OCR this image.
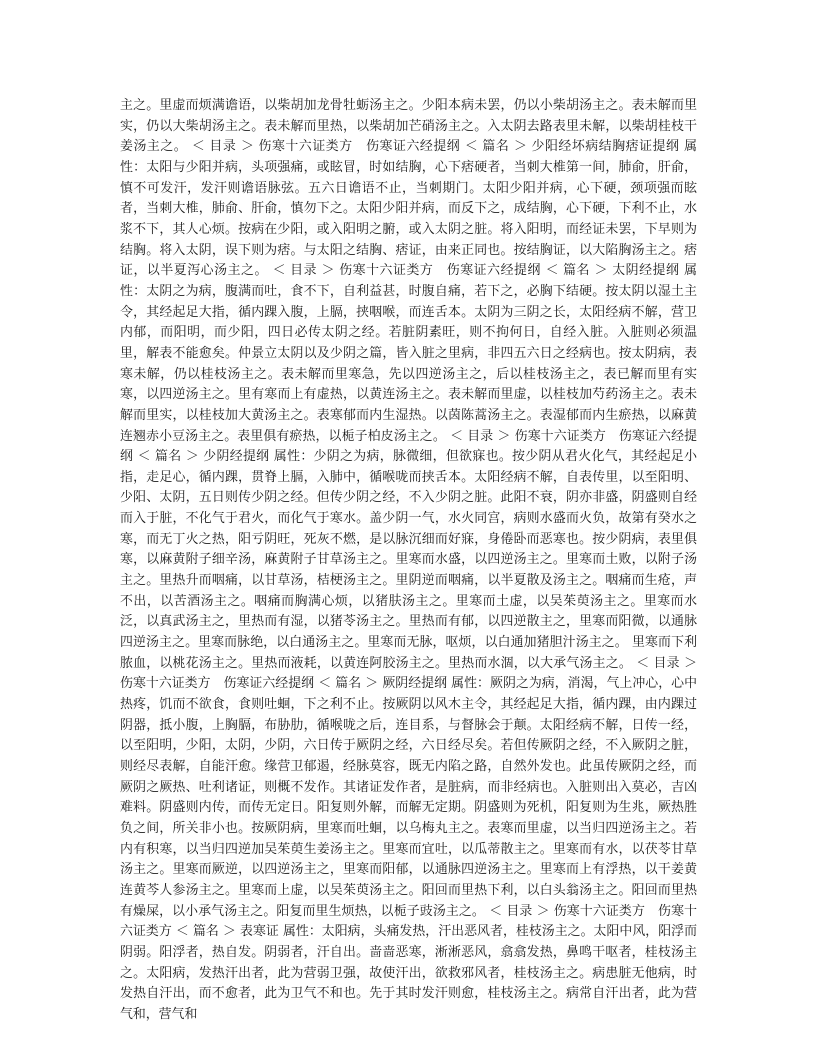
主之。里虚而烦满谵语，以柴胡加龙骨牡蛎汤主之。少阳本病未罢，仍以小柴胡汤主之。表未解而里实，仍以大柴胡汤主之。表未解而里热，以柴胡加芒硝汤主之。入太阴去路表里未解，以柴胡桂枝干姜汤主之。 ＜ 目录 ＞ 伤寒十六证类方　伤寒证六经提纲 ＜ 篇名 ＞ 少阳经坏病结胸痞证提纲 属性：太阳与少阳并病，头项强痛，或眩冒，时如结胸，心下痞硬者，当刺大椎第一间，肺俞，肝俞，慎不可发汗，发汗则谵语脉弦。五六日谵语不止，当刺期门。太阳少阳并病，心下硬，颈项强而眩者，当刺大椎，肺俞、肝俞，慎勿下之。太阳少阳并病，而反下之，成结胸，心下硬，下利不止，水浆不下，其人心烦。按病在少阳，或入阳明之腑，或入太阴之脏。将入阳明，而经证未罢，下早则为结胸。将入太阴，误下则为痞。与太阳之结胸、痞证，由来正同也。按结胸证，以大陷胸汤主之。痞证，以半夏泻心汤主之。 ＜ 目录 ＞ 伤寒十六证类方　伤寒证六经提纲 ＜ 篇名 ＞ 太阴经提纲 属性：太阴之为病，腹满而吐，食不下，自利益甚，时腹自痛，若下之，必胸下结硬。按太阴以湿土主令，其经起足大指，循内踝入腹，上膈，挟咽喉，而连舌本。太阴为三阴之长，太阳经病不解，营卫内郁，而阳明，而少阳，四日必传太阴之经。若脏阴素旺，则不拘何日，自经入脏。入脏则必须温里，解表不能愈矣。仲景立太阴以及少阴之篇，皆入脏之里病，非四五六日之经病也。按太阴病，表寒未解，仍以桂枝汤主之。表未解而里寒急，先以四逆汤主之，后以桂枝汤主之，表已解而里有实寒，以四逆汤主之。里有寒而上有虚热，以黄连汤主之。表未解而里虚，以桂枝加芍药汤主之。表未解而里实，以桂枝加大黄汤主之。表寒郁而内生湿热。以茵陈蒿汤主之。表湿郁而内生瘀热，以麻黄连翘赤小豆汤主之。表里俱有瘀热，以栀子柏皮汤主之。 ＜ 目录 ＞ 伤寒十六证类方　伤寒证六经提纲 ＜ 篇名 ＞ 少阴经提纲 属性：少阴之为病，脉微细，但欲寐也。按少阴从君火化气，其经起足小指，走足心，循内踝，贯脊上膈，入肺中，循喉咙而挟舌本。太阳经病不解，自表传里，以至阳明、少阳、太阴，五日则传少阴之经。但传少阴之经，不入少阴之脏。此阳不衰，阴亦非盛，阴盛则自经而入于脏，不化气于君火，而化气于寒水。盖少阴一气，水火同宫，病则水盛而火负，故第有癸水之寒，而无丁火之热，阳亏阴旺，死灰不燃，是以脉沉细而好寐，身倦卧而恶寒也。按少阴病，表里俱寒，以麻黄附子细辛汤，麻黄附子甘草汤主之。里寒而水盛，以四逆汤主之。里寒而土败，以附子汤主之。里热升而咽痛，以甘草汤，桔梗汤主之。里阴逆而咽痛，以半夏散及汤主之。咽痛而生疮，声不出，以苦酒汤主之。咽痛而胸满心烦，以猪肤汤主之。里寒而土虚，以吴茱萸汤主之。里寒而水泛，以真武汤主之，里热而有湿，以猪苓汤主之。里热而有郁，以四逆散主之，里寒而阳微，以通脉四逆汤主之。里寒而脉绝，以白通汤主之。里寒而无脉，呕烦，以白通加猪胆汁汤主之。 里寒而下利脓血，以桃花汤主之。里热而液耗，以黄连阿胶汤主之。里热而水涸，以大承气汤主之。 ＜ 目录 ＞ 伤寒十六证类方　伤寒证六经提纲 ＜ 篇名 ＞ 厥阴经提纲 属性：厥阴之为病，消渴，气上冲心，心中热疼，饥而不欲食，食则吐蛔，下之利不止。按厥阴以风木主令，其经起足大指，循内踝，由内踝过阴器，抵小腹，上胸膈，布胁肋，循喉咙之后，连目系，与督脉会于颠。太阳经病不解，日传一经，以至阳明，少阳，太阴，少阴，六日传于厥阴之经，六日经尽矣。若但传厥阴之经，不入厥阴之脏，则经尽表解，自能汗愈。缘营卫郁遏，经脉莫容，既无内陷之路，自然外发也。此虽传厥阴之经，而厥阴之厥热、吐利诸证，则概不发作。其诸证发作者，是脏病，而非经病也。入脏则出入莫必，吉凶难料。阴盛则内传，而传无定日。阳复则外解，而解无定期。阴盛则为死机，阳复则为生兆，厥热胜负之间，所关非小也。按厥阴病，里寒而吐蛔，以乌梅丸主之。表寒而里虚，以当归四逆汤主之。若内有积寒，以当归四逆加吴茱萸生姜汤主之。里寒而宜吐，以瓜蒂散主之。里寒而有水，以茯苓甘草汤主之。里寒而厥逆，以四逆汤主之，里寒而阳郁，以通脉四逆汤主之。里寒而上有浮热，以干姜黄连黄芩人参汤主之。里寒而上虚，以吴茱萸汤主之。阳回而里热下利，以白头翁汤主之。阳回而里热有燥屎，以小承气汤主之。阳复而里生烦热，以栀子豉汤主之。 ＜ 目录 ＞ 伤寒十六证类方　伤寒十六证类方 ＜ 篇名 ＞ 表寒证 属性：太阳病，头痛发热，汗出恶风者，桂枝汤主之。太阳中风，阳浮而阴弱。阳浮者，热自发。阴弱者，汗自出。啬啬恶寒，淅淅恶风，翕翕发热，鼻鸣干呕者，桂枝汤主之。太阳病，发热汗出者，此为营弱卫强，故使汗出，欲救邪风者，桂枝汤主之。病患脏无他病，时发热自汗出，而不愈者，此为卫气不和也。先于其时发汗则愈，桂枝汤主之。病常自汗出者，此为营气和，营气和
